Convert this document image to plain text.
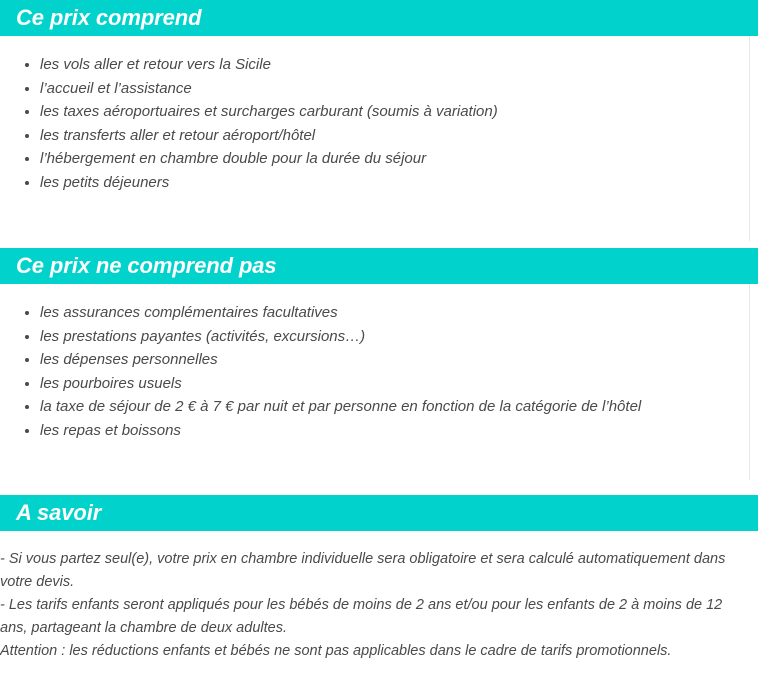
Ce prix comprend
les vols aller et retour vers la Sicile
l’accueil et l’assistance
les taxes aéroportuaires et surcharges carburant (soumis à variation)
les transferts aller et retour aéroport/hôtel
l’hébergement en chambre double pour la durée du séjour
les petits déjeuners
Ce prix ne comprend pas
les assurances complémentaires facultatives
les prestations payantes (activités, excursions…)
les dépenses personnelles
les pourboires usuels
la taxe de séjour de 2 € à 7 € par nuit et par personne en fonction de la catégorie de l’hôtel
les repas et boissons
A savoir

- Si vous partez seul(e), votre prix en chambre individuelle sera obligatoire et sera calculé automatiquement dans votre devis.

- Les tarifs enfants seront appliqués pour les bébés de moins de 2 ans et/ou pour les enfants de 2 à moins de 12 ans, partageant la chambre de deux adultes.

Attention : les réductions enfants et bébés ne sont pas applicables dans le cadre de tarifs promotionnels.
